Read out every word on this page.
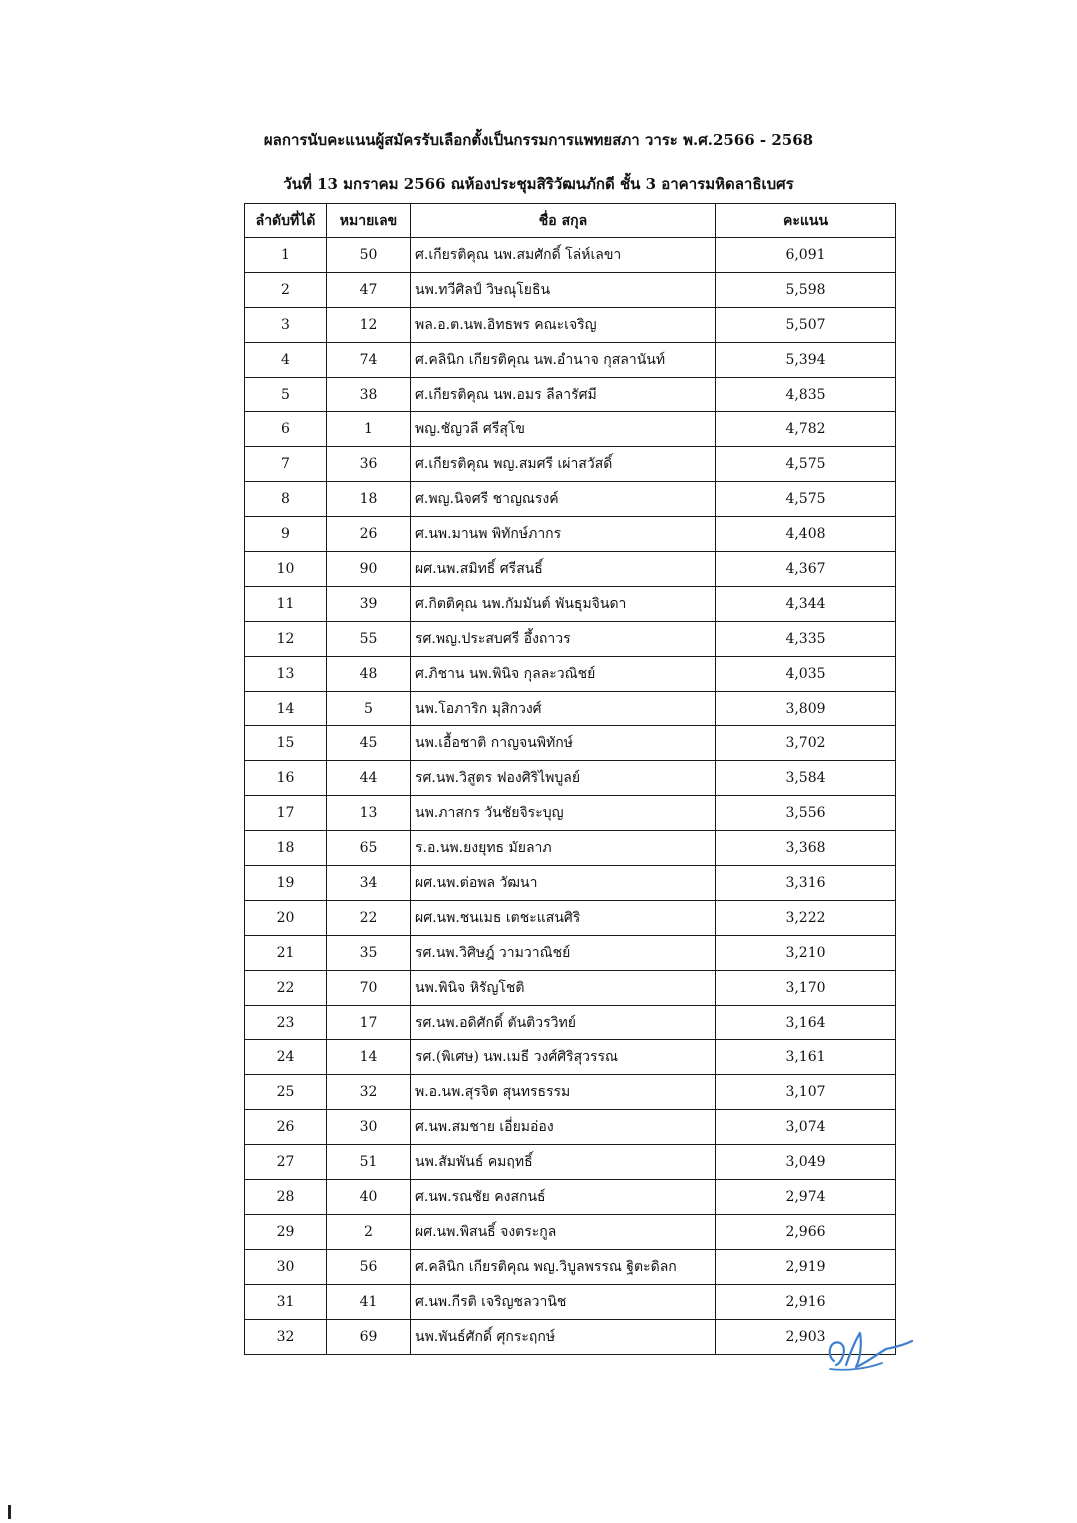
ผลการนับคะแนนผู้สมัครรับเลือกตั้งเป็นกรรมการแพทยสภา วาระ พ.ศ.2566 - 2568
วันที่ 13 มกราคม 2566 ณห้องประชุมสิริวัฒนภักดี ชั้น 3 อาคารมหิดลาธิเบศร
ลำดับที่ได้	หมายเลข	ชื่อ สกุล	คะแนน
1	50	ศ.เกียรติคุณ นพ.สมศักดิ์ โล่ห์เลขา	6,091
2	47	นพ.ทวีศิลป์ วิษณุโยธิน	5,598
3	12	พล.อ.ต.นพ.อิทธพร คณะเจริญ	5,507
4	74	ศ.คลินิก เกียรติคุณ นพ.อำนาจ กุสลานันท์	5,394
5	38	ศ.เกียรติคุณ นพ.อมร ลีลารัศมี	4,835
6	1	พญ.ชัญวลี ศรีสุโข	4,782
7	36	ศ.เกียรติคุณ พญ.สมศรี เผ่าสวัสดิ์	4,575
8	18	ศ.พญ.นิจศรี ชาญณรงค์	4,575
9	26	ศ.นพ.มานพ พิทักษ์ภากร	4,408
10	90	ผศ.นพ.สมิทธิ์ ศรีสนธิ์	4,367
11	39	ศ.กิตติคุณ นพ.กัมมันต์ พันธุมจินดา	4,344
12	55	รศ.พญ.ประสบศรี อึ้งถาวร	4,335
13	48	ศ.ภิชาน นพ.พินิจ กุลละวณิชย์	4,035
14	5	นพ.โอภาริก มุสิกวงศ์	3,809
15	45	นพ.เอื้อชาติ กาญจนพิทักษ์	3,702
16	44	รศ.นพ.วิสูตร ฟองศิริไพบูลย์	3,584
17	13	นพ.ภาสกร วันชัยจิระบุญ	3,556
18	65	ร.อ.นพ.ยงยุทธ มัยลาภ	3,368
19	34	ผศ.นพ.ต่อพล วัฒนา	3,316
20	22	ผศ.นพ.ชนเมธ เตชะแสนศิริ	3,222
21	35	รศ.นพ.วิศิษฎ์ วามวาณิชย์	3,210
22	70	นพ.พินิจ หิรัญโชติ	3,170
23	17	รศ.นพ.อดิศักดิ์ ตันติวรวิทย์	3,164
24	14	รศ.(พิเศษ) นพ.เมธี วงศ์ศิริสุวรรณ	3,161
25	32	พ.อ.นพ.สุรจิต สุนทรธรรม	3,107
26	30	ศ.นพ.สมชาย เอี่ยมอ่อง	3,074
27	51	นพ.สัมพันธ์ คมฤทธิ์	3,049
28	40	ศ.นพ.รณชัย คงสกนธ์	2,974
29	2	ผศ.นพ.พิสนธิ์ จงตระกูล	2,966
30	56	ศ.คลินิก เกียรติคุณ พญ.วิบูลพรรณ ฐิตะดิลก	2,919
31	41	ศ.นพ.กีรติ เจริญชลวานิช	2,916
32	69	นพ.พันธ์ศักดิ์ ศุกระฤกษ์	2,903
